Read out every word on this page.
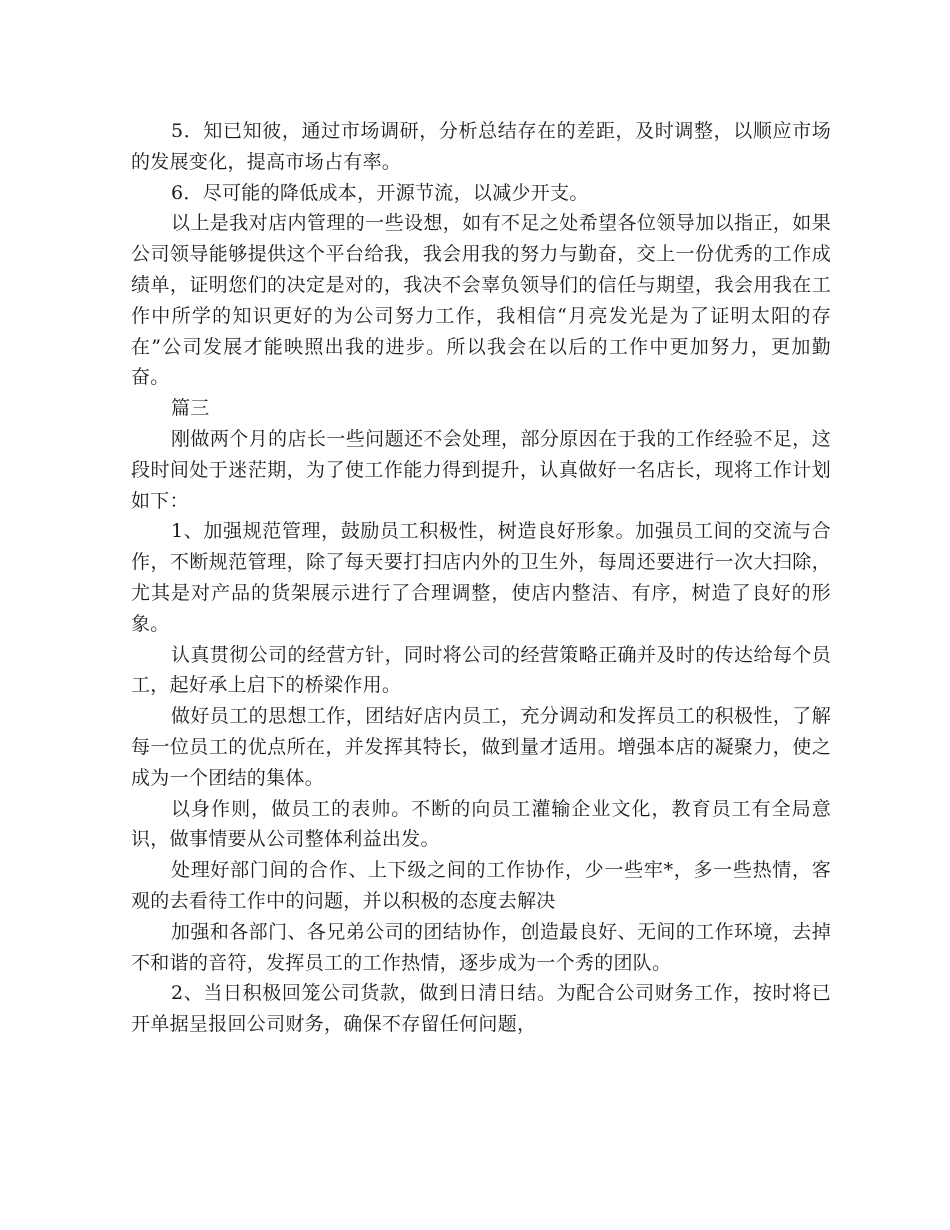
5．知已知彼，通过市场调研，分析总结存在的差距，及时调整，以顺应市场的发展变化，提高市场占有率。

6．尽可能的降低成本，开源节流，以减少开支。

以上是我对店内管理的一些设想，如有不足之处希望各位领导加以指正，如果公司领导能够提供这个平台给我，我会用我的努力与勤奋，交上一份优秀的工作成绩单，证明您们的决定是对的，我决不会辜负领导们的信任与期望，我会用我在工作中所学的知识更好的为公司努力工作，我相信“月亮发光是为了证明太阳的存在”公司发展才能映照出我的进步。所以我会在以后的工作中更加努力，更加勤奋。

篇三

刚做两个月的店长一些问题还不会处理，部分原因在于我的工作经验不足，这段时间处于迷茫期，为了使工作能力得到提升，认真做好一名店长，现将工作计划如下：

1、加强规范管理，鼓励员工积极性，树造良好形象。加强员工间的交流与合作，不断规范管理，除了每天要打扫店内外的卫生外，每周还要进行一次大扫除，尤其是对产品的货架展示进行了合理调整，使店内整洁、有序，树造了良好的形象。

认真贯彻公司的经营方针，同时将公司的经营策略正确并及时的传达给每个员工，起好承上启下的桥梁作用。

做好员工的思想工作，团结好店内员工，充分调动和发挥员工的积极性，了解每一位员工的优点所在，并发挥其特长，做到量才适用。增强本店的凝聚力，使之成为一个团结的集体。

以身作则，做员工的表帅。不断的向员工灌输企业文化，教育员工有全局意识，做事情要从公司整体利益出发。

处理好部门间的合作、上下级之间的工作协作，少一些牢*，多一些热情，客观的去看待工作中的问题，并以积极的态度去解决

加强和各部门、各兄弟公司的团结协作，创造最良好、无间的工作环境，去掉不和谐的音符，发挥员工的工作热情，逐步成为一个秀的团队。

2、当日积极回笼公司货款，做到日清日结。为配合公司财务工作，按时将已开单据呈报回公司财务，确保不存留任何问题，
